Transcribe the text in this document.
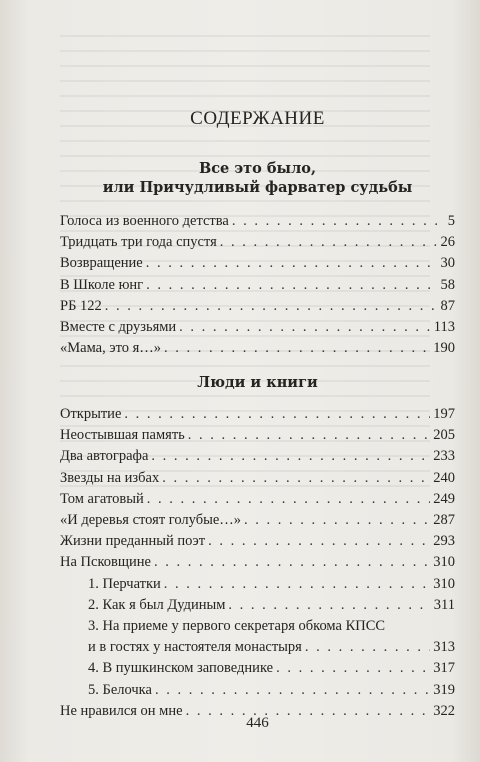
СОДЕРЖАНИЕ
Все это было,
или Причудливый фарватер судьбы
Голоса из военного детства . . .	5
Тридцать три года спустя . . .	26
Возвращение . . .	30
В Школе юнг . . .	58
РБ 122 . . .	87
Вместе с друзьями . . .	113
«Мама, это я…» . . .	190
Люди и книги
Открытие . . .	197
Неостывшая память . . .	205
Два автографа . . .	233
Звезды на избах . . .	240
Том агатовый . . .	249
«И деревья стоят голубые…» . . .	287
Жизни преданный поэт . . .	293
На Псковщине . . .	310
1. Перчатки . . .	310
2. Как я был Дудиным . . .	311
3. На приеме у первого секретаря обкома КПСС
и в гостях у настоятеля монастыря . . .	313
4. В пушкинском заповеднике . . .	317
5. Белочка . . .	319
Не нравился он мне . . .	322
446
